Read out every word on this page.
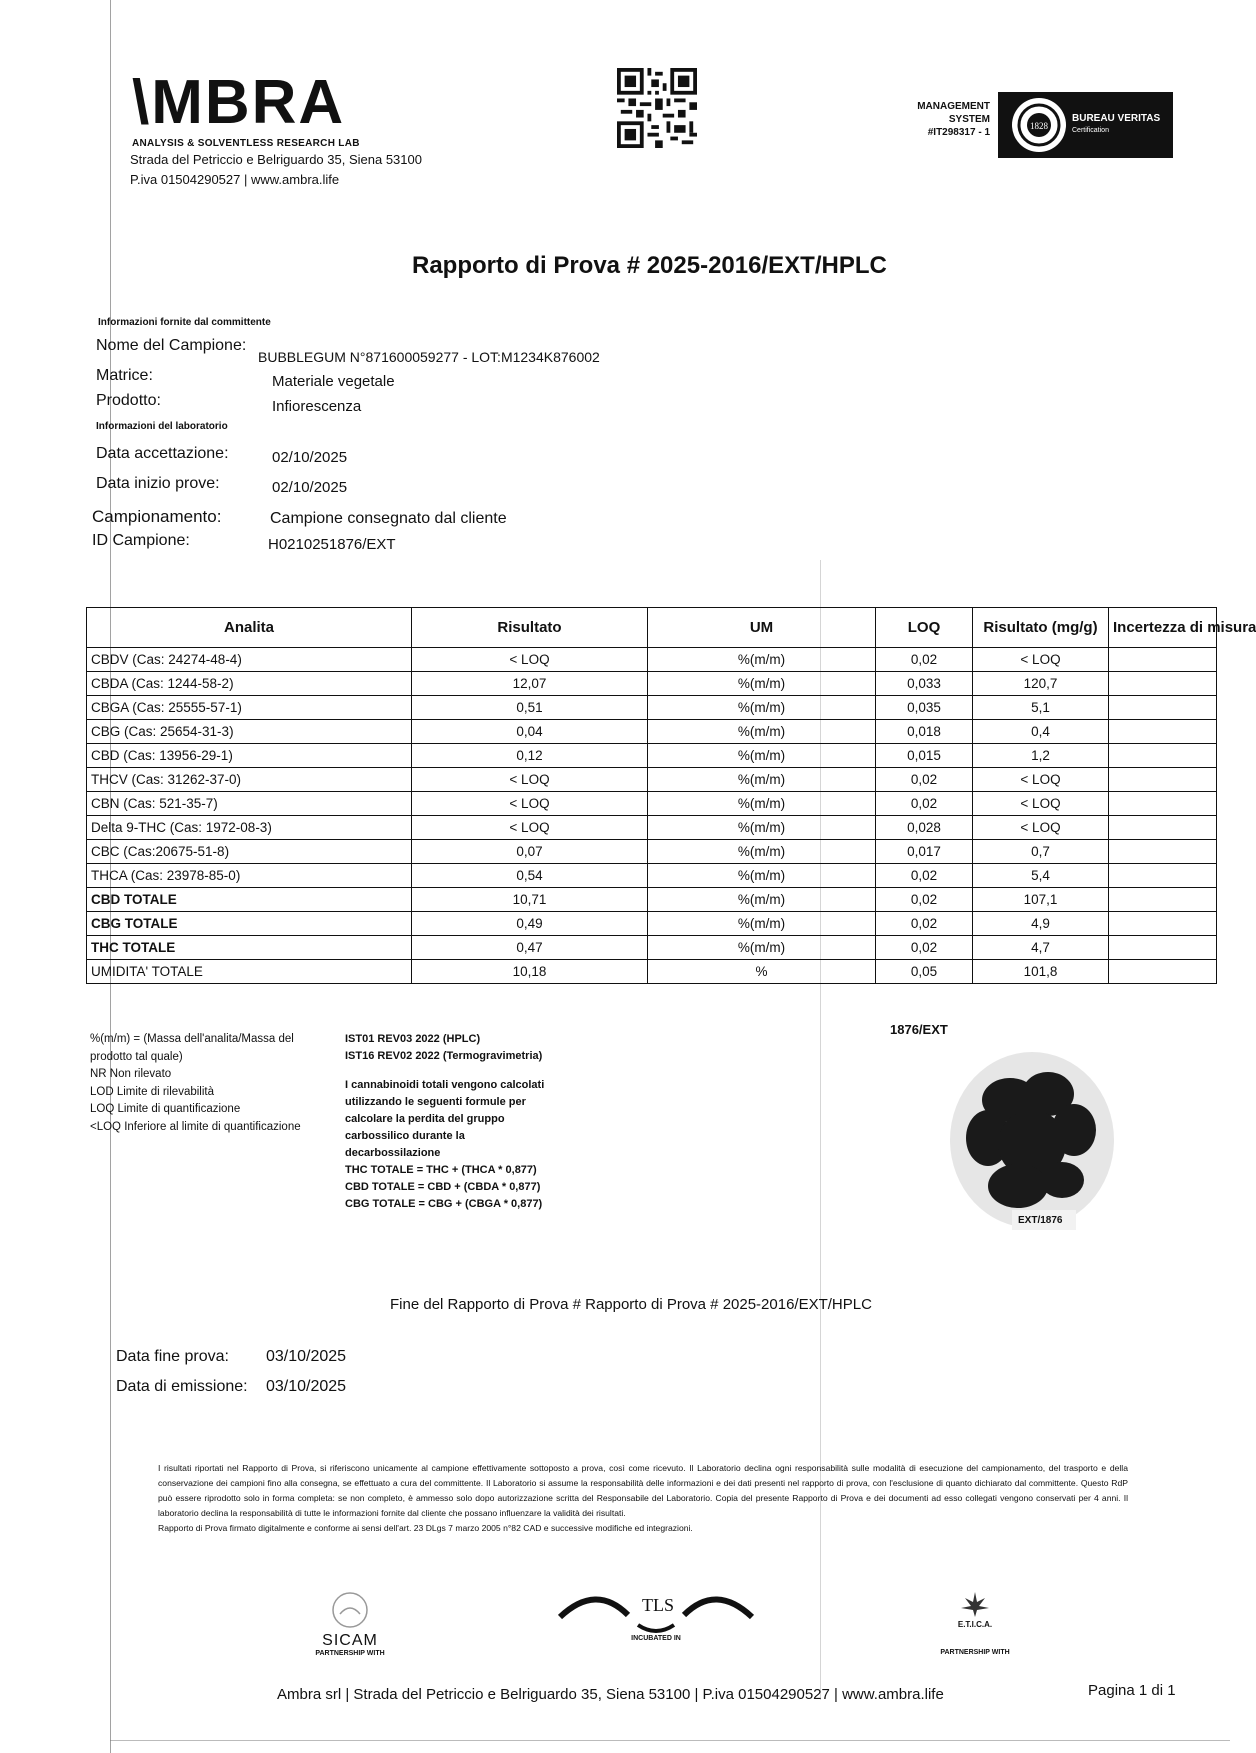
\MBRA
ANALYSIS & SOLVENTLESS RESEARCH LAB
Strada del Petriccio e Belriguardo 35, Siena 53100
P.iva 01504290527 | www.ambra.life
MANAGEMENT
SYSTEM
#IT298317 - 1
1828
BUREAU VERITAS
Certification
Rapporto di Prova # 2025-2016/EXT/HPLC
Informazioni fornite dal committente
Nome del Campione:
BUBBLEGUM N°871600059277 - LOT:M1234K876002
Matrice:	Materiale vegetale
Prodotto:	Infiorescenza
Informazioni del laboratorio
Data accettazione:	02/10/2025
Data inizio prove:	02/10/2025
Campionamento:	Campione consegnato dal cliente
ID Campione:	H0210251876/EXT
Analita	Risultato	UM	LOQ	Risultato (mg/g)	Incertezza di misura
CBDV (Cas: 24274-48-4)	< LOQ	%(m/m)	0,02	< LOQ	
CBDA (Cas: 1244-58-2)	12,07	%(m/m)	0,033	120,7	
CBGA (Cas: 25555-57-1)	0,51	%(m/m)	0,035	5,1	
CBG (Cas: 25654-31-3)	0,04	%(m/m)	0,018	0,4	
CBD (Cas: 13956-29-1)	0,12	%(m/m)	0,015	1,2	
THCV (Cas: 31262-37-0)	< LOQ	%(m/m)	0,02	< LOQ	
CBN (Cas: 521-35-7)	< LOQ	%(m/m)	0,02	< LOQ	
Delta 9-THC (Cas: 1972-08-3)	< LOQ	%(m/m)	0,028	< LOQ	
CBC (Cas:20675-51-8)	0,07	%(m/m)	0,017	0,7	
THCA (Cas: 23978-85-0)	0,54	%(m/m)	0,02	5,4	
CBD TOTALE	10,71	%(m/m)	0,02	107,1	
CBG TOTALE	0,49	%(m/m)	0,02	4,9	
THC TOTALE	0,47	%(m/m)	0,02	4,7	
UMIDITA' TOTALE	10,18	%	0,05	101,8	
%(m/m) = (Massa dell'analita/Massa del
prodotto tal quale)
NR Non rilevato
LOD Limite di rilevabilità
LOQ Limite di quantificazione
<LOQ Inferiore al limite di quantificazione
IST01 REV03 2022 (HPLC)
IST16 REV02 2022 (Termogravimetria)
I cannabinoidi totali vengono calcolati
utilizzando le seguenti formule per
calcolare la perdita del gruppo
carbossilico durante la
decarbossilazione
THC TOTALE = THC + (THCA * 0,877)
CBD TOTALE = CBD + (CBDA * 0,877)
CBG TOTALE = CBG + (CBGA * 0,877)
1876/EXT
EXT/1876
Fine del Rapporto di Prova # Rapporto di Prova # 2025-2016/EXT/HPLC
Data fine prova:	03/10/2025
Data di emissione:	03/10/2025
I risultati riportati nel Rapporto di Prova, si riferiscono unicamente al campione effettivamente sottoposto a prova, così come ricevuto. Il Laboratorio declina ogni responsabilità sulle modalità di esecuzione del campionamento, del trasporto e della conservazione dei campioni fino alla consegna, se effettuato a cura del committente. Il Laboratorio si assume la responsabilità delle informazioni e dei dati presenti nel rapporto di prova, con l'esclusione di quanto dichiarato dal committente. Questo RdP può essere riprodotto solo in forma completa: se non completo, è ammesso solo dopo autorizzazione scritta del Responsabile del Laboratorio. Copia del presente Rapporto di Prova e dei documenti ad esso collegati vengono conservati per 4 anni. Il laboratorio declina la responsabilità di tutte le informazioni fornite dal cliente che possano influenzare la validità dei risultati.
Rapporto di Prova firmato digitalmente e conforme ai sensi dell'art. 23 DLgs 7 marzo 2005 n°82 CAD e successive modifiche ed integrazioni.
SICAM
PARTNERSHIP WITH
TLS
INCUBATED IN
E.T.I.C.A.
PARTNERSHIP WITH
Ambra srl | Strada del Petriccio e Belriguardo 35, Siena 53100 | P.iva 01504290527 | www.ambra.life	Pagina 1 di 1
